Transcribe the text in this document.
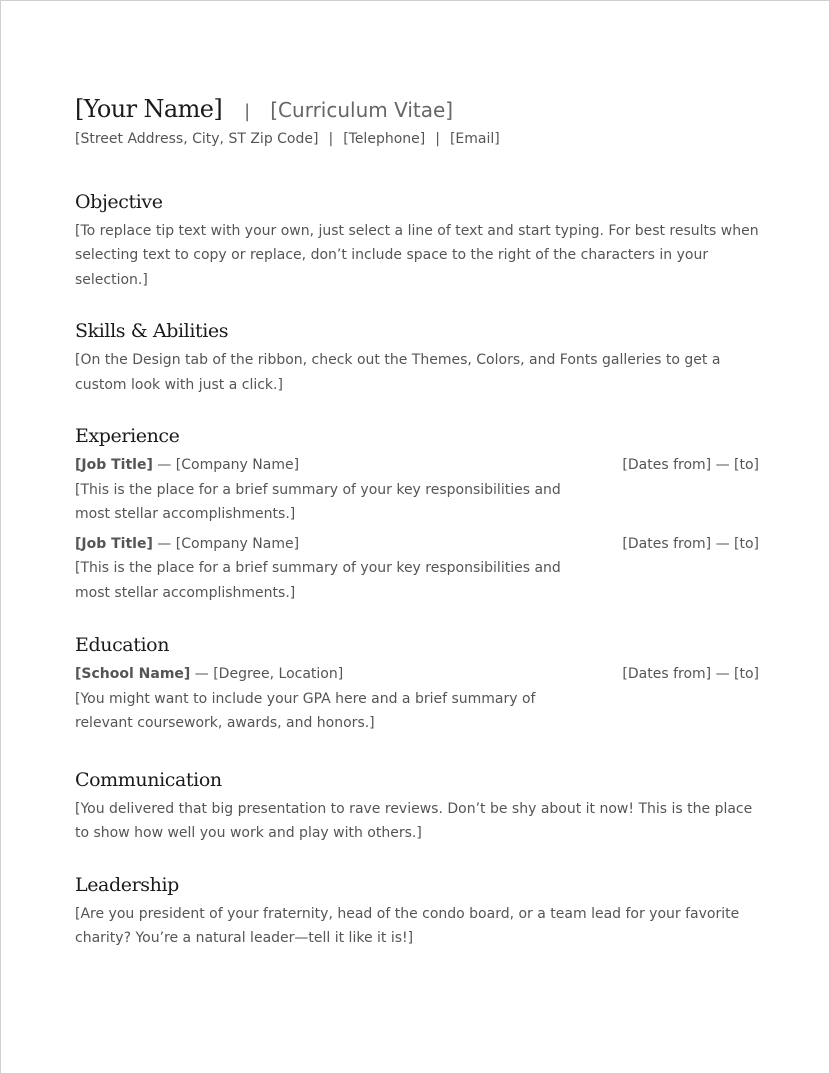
[Your Name] | [Curriculum Vitae]
[Street Address, City, ST Zip Code] | [Telephone] | [Email]
Objective
[To replace tip text with your own, just select a line of text and start typing. For best results when selecting text to copy or replace, don’t include space to the right of the characters in your selection.]
Skills & Abilities
[On the Design tab of the ribbon, check out the Themes, Colors, and Fonts galleries to get a custom look with just a click.]
Experience
[Job Title] — [Company Name]	[Dates from] — [to]
[This is the place for a brief summary of your key responsibilities and most stellar accomplishments.]
[Job Title] — [Company Name]	[Dates from] — [to]
[This is the place for a brief summary of your key responsibilities and most stellar accomplishments.]
Education
[School Name] — [Degree, Location]	[Dates from] — [to]
[You might want to include your GPA here and a brief summary of relevant coursework, awards, and honors.]
Communication
[You delivered that big presentation to rave reviews. Don’t be shy about it now! This is the place to show how well you work and play with others.]
Leadership
[Are you president of your fraternity, head of the condo board, or a team lead for your favorite charity? You’re a natural leader—tell it like it is!]
